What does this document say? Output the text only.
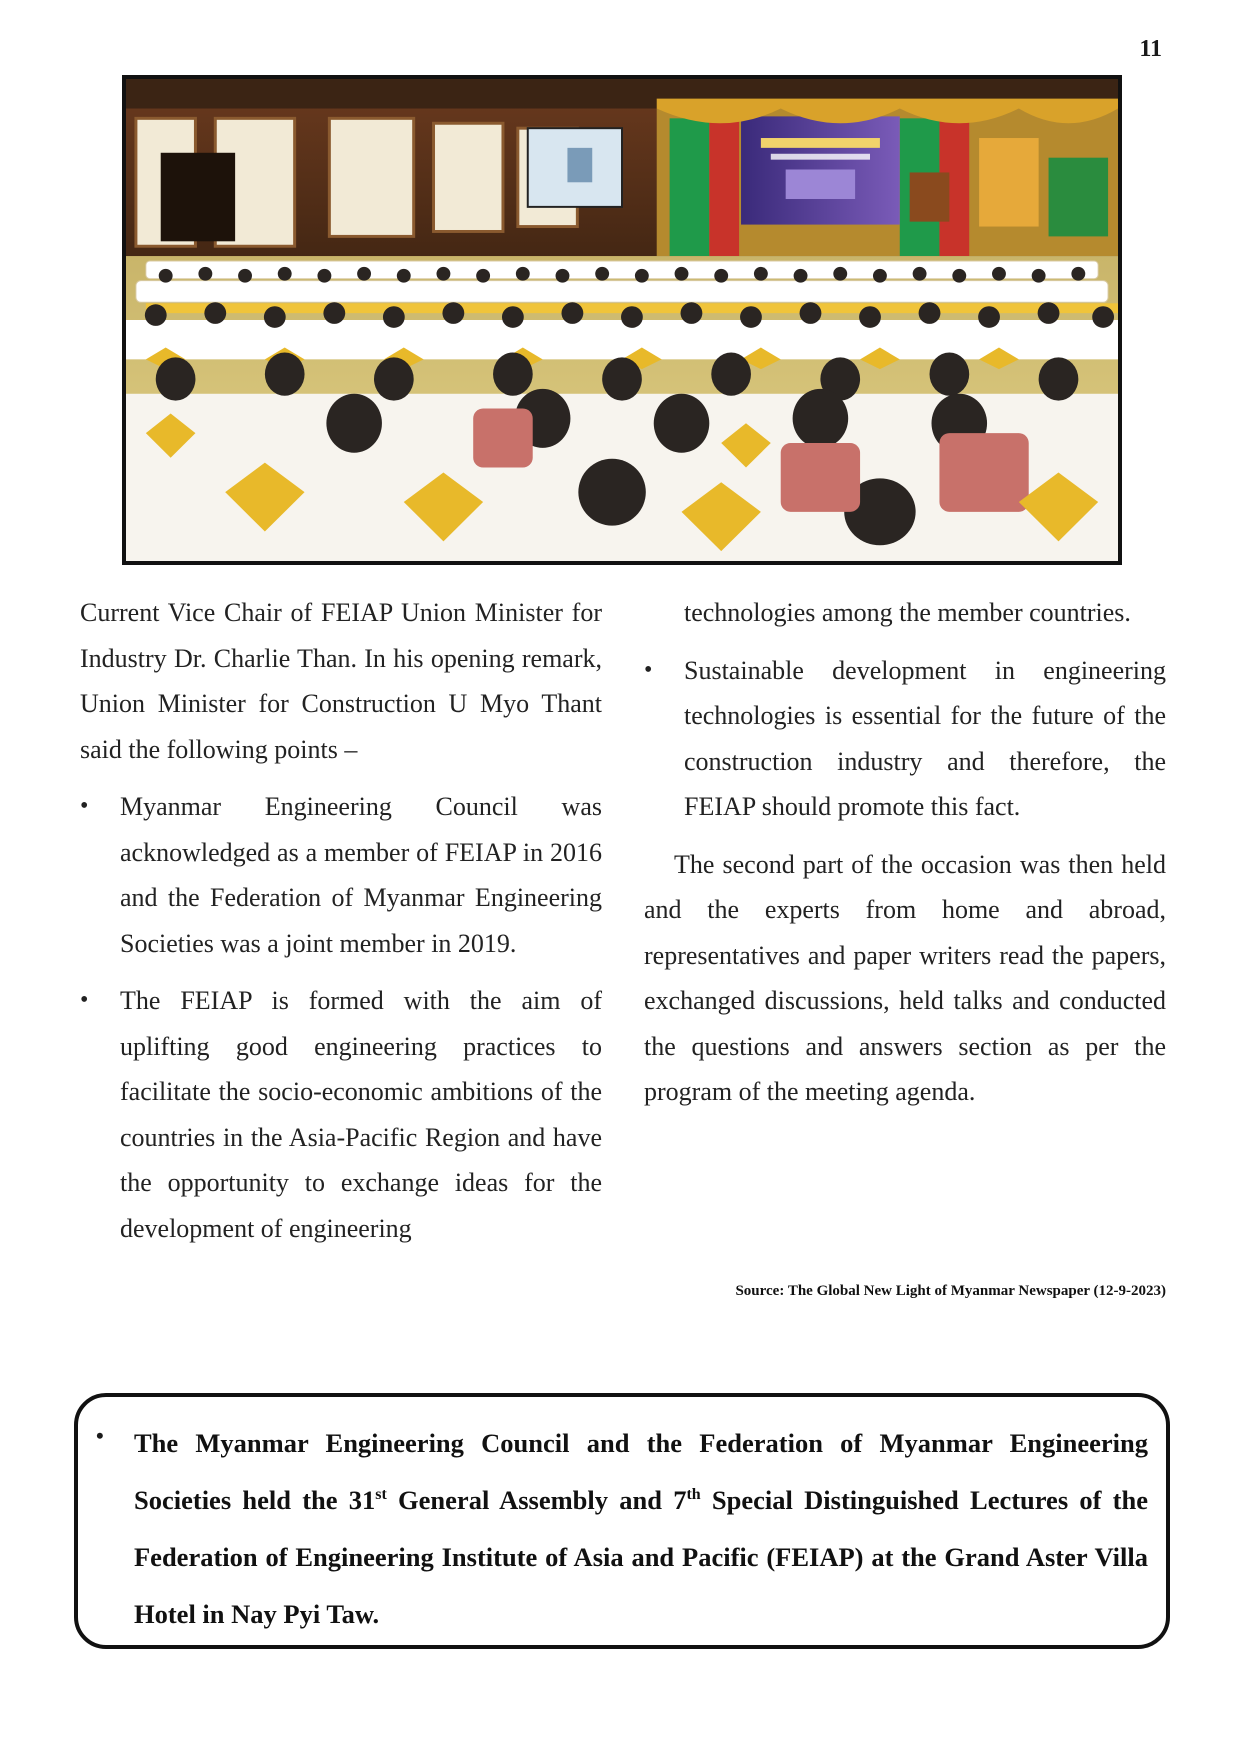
11

Current Vice Chair of FEIAP Union Minister for Industry Dr. Charlie Than. In his opening remark, Union Minister for Construction U Myo Thant said the following points –

• Myanmar Engineering Council was acknowledged as a member of FEIAP in 2016 and the Federation of Myanmar Engineering Societies was a joint member in 2019.
• The FEIAP is formed with the aim of uplifting good engineering practices to facilitate the socio-economic ambitions of the countries in the Asia-Pacific Region and have the opportunity to exchange ideas for the development of engineering

technologies among the member countries.

• Sustainable development in engineering technologies is essential for the future of the construction industry and therefore, the FEIAP should promote this fact.

The second part of the occasion was then held and the experts from home and abroad, representatives and paper writers read the papers, exchanged discussions, held talks and conducted the questions and answers section as per the program of the meeting agenda.

Source: The Global New Light of Myanmar Newspaper (12-9-2023)
• The Myanmar Engineering Council and the Federation of Myanmar Engineering Societies held the 31st General Assembly and 7th Special Distinguished Lectures of the Federation of Engineering Institute of Asia and Pacific (FEIAP) at the Grand Aster Villa Hotel in Nay Pyi Taw.
